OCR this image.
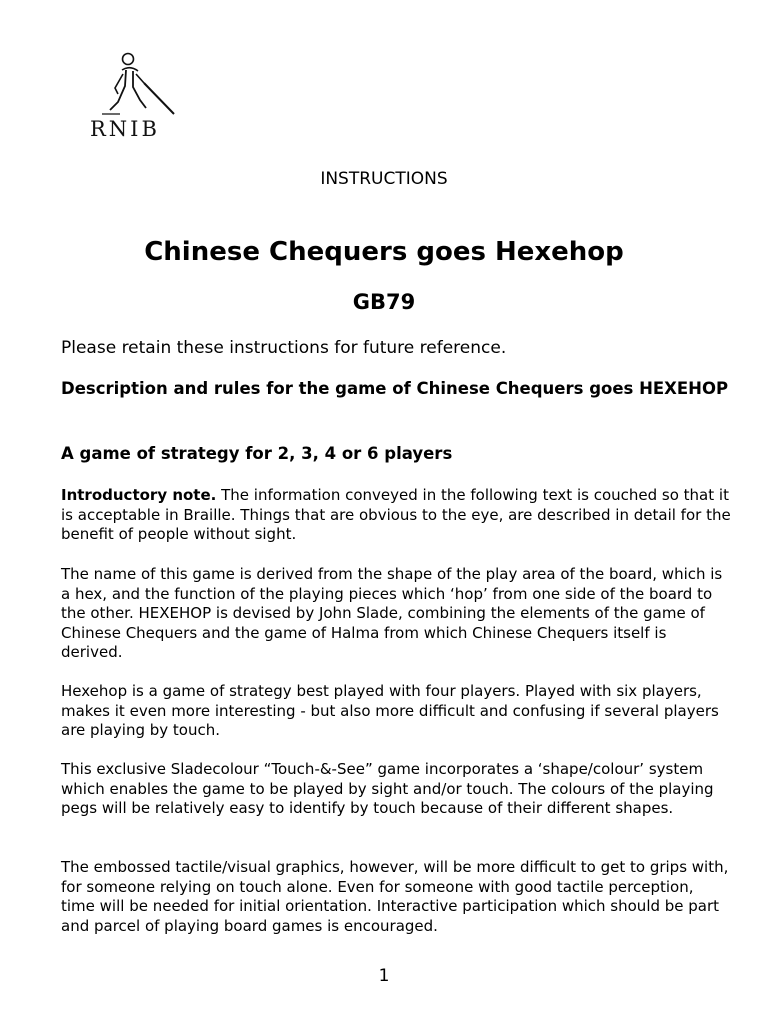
RNIB
INSTRUCTIONS
Chinese Chequers goes Hexehop
GB79
Please retain these instructions for future reference.
Description and rules for the game of Chinese Chequers goes HEXEHOP
A game of strategy for 2, 3, 4 or 6 players

Introductory note. The information conveyed in the following text is couched so that it is acceptable in Braille. Things that are obvious to the eye, are described in detail for the benefit of people without sight.

The name of this game is derived from the shape of the play area of the board, which is a hex, and the function of the playing pieces which ‘hop’ from one side of the board to the other. HEXEHOP is devised by John Slade, combining the elements of the game of Chinese Chequers and the game of Halma from which Chinese Chequers itself is derived.

Hexehop is a game of strategy best played with four players. Played with six players, makes it even more interesting - but also more difficult and confusing if several players are playing by touch.

This exclusive Sladecolour “Touch-&-See” game incorporates a ‘shape/colour’ system which enables the game to be played by sight and/or touch. The colours of the playing pegs will be relatively easy to identify by touch because of their different shapes.

The embossed tactile/visual graphics, however, will be more difficult to get to grips with, for someone relying on touch alone. Even for someone with good tactile perception, time will be needed for initial orientation. Interactive participation which should be part and parcel of playing board games is encouraged.

1
